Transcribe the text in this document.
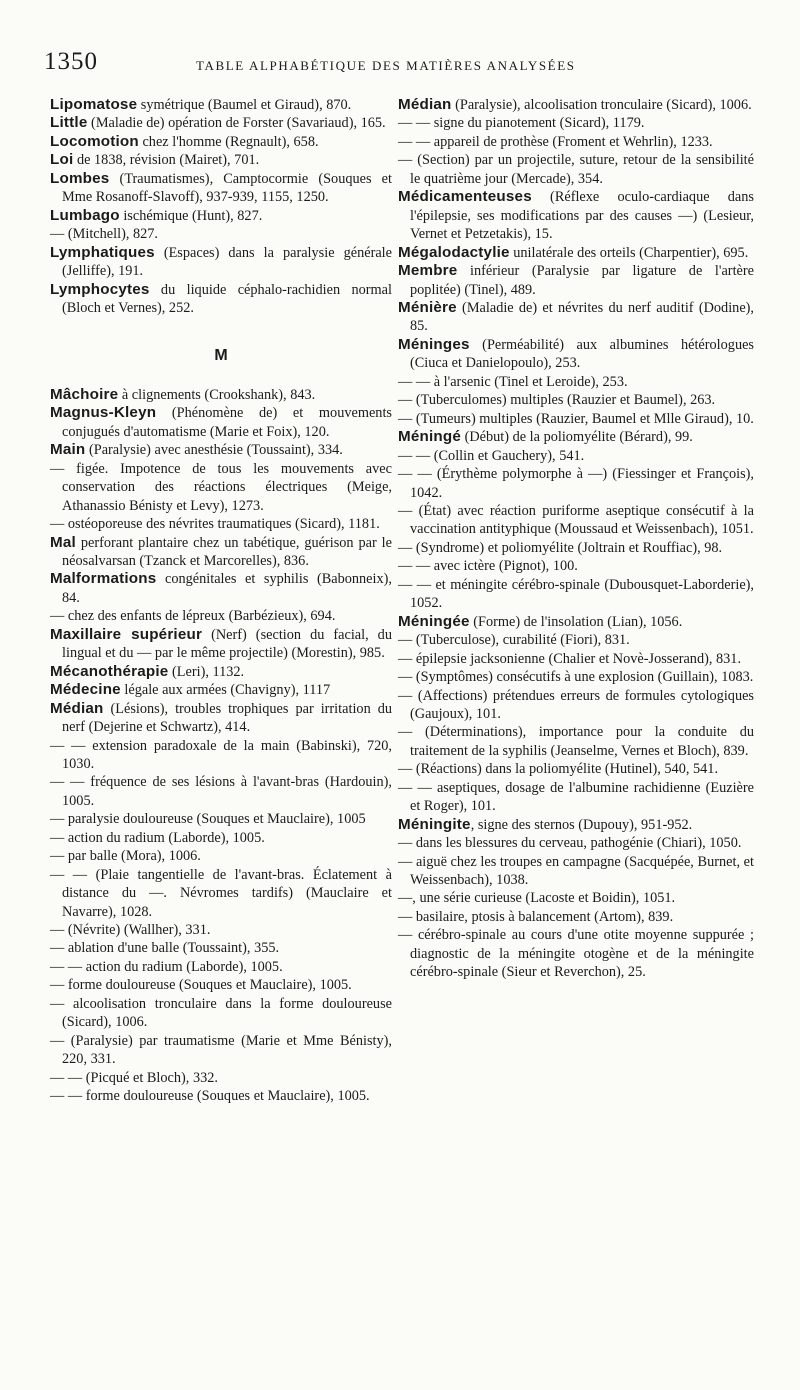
1350	TABLE ALPHABÉTIQUE DES MATIÈRES ANALYSÉES

Lipomatose symétrique (Baumel et Giraud), 870.

Little (Maladie de) opération de Forster (Savariaud), 165.

Locomotion chez l'homme (Regnault), 658.

Loi de 1838, révision (Mairet), 701.

Lombes (Traumatismes), Camptocormie (Souques et Mme Rosanoff-Slavoff), 937-939, 1155, 1250.

Lumbago ischémique (Hunt), 827.

— (Mitchell), 827.

Lymphatiques (Espaces) dans la paralysie générale (Jelliffe), 191.

Lymphocytes du liquide céphalo-rachidien normal (Bloch et Vernes), 252.

M

Mâchoire à clignements (Crookshank), 843.

Magnus-Kleyn (Phénomène de) et mouvements conjugués d'automatisme (Marie et Foix), 120.

Main (Paralysie) avec anesthésie (Toussaint), 334.

— figée. Impotence de tous les mouvements avec conservation des réactions électriques (Meige, Athanassio Bénisty et Levy), 1273.

— ostéoporeuse des névrites traumatiques (Sicard), 1181.

Mal perforant plantaire chez un tabétique, guérison par le néosalvarsan (Tzanck et Marcorelles), 836.

Malformations congénitales et syphilis (Babonneix), 84.

— chez des enfants de lépreux (Barbézieux), 694.

Maxillaire supérieur (Nerf) (section du facial, du lingual et du — par le même projectile) (Morestin), 985.

Mécanothérapie (Leri), 1132.

Médecine légale aux armées (Chavigny), 1117

Médian (Lésions), troubles trophiques par irritation du nerf (Dejerine et Schwartz), 414.

— — extension paradoxale de la main (Babinski), 720, 1030.

— — fréquence de ses lésions à l'avant-bras (Hardouin), 1005.

— paralysie douloureuse (Souques et Mauclaire), 1005

— action du radium (Laborde), 1005.

— par balle (Mora), 1006.

— — (Plaie tangentielle de l'avant-bras. Éclatement à distance du —. Névromes tardifs) (Mauclaire et Navarre), 1028.

— (Névrite) (Wallher), 331.

— ablation d'une balle (Toussaint), 355.

— — action du radium (Laborde), 1005.

— forme douloureuse (Souques et Mauclaire), 1005.

— alcoolisation tronculaire dans la forme douloureuse (Sicard), 1006.

— (Paralysie) par traumatisme (Marie et Mme Bénisty), 220, 331.

— — (Picqué et Bloch), 332.

— — forme douloureuse (Souques et Mauclaire), 1005.

Médian (Paralysie), alcoolisation tronculaire (Sicard), 1006.

— — signe du pianotement (Sicard), 1179.

— — appareil de prothèse (Froment et Wehrlin), 1233.

— (Section) par un projectile, suture, retour de la sensibilité le quatrième jour (Mercade), 354.

Médicamenteuses (Réflexe oculo-cardiaque dans l'épilepsie, ses modifications par des causes —) (Lesieur, Vernet et Petzetakis), 15.

Mégalodactylie unilatérale des orteils (Charpentier), 695.

Membre inférieur (Paralysie par ligature de l'artère poplitée) (Tinel), 489.

Ménière (Maladie de) et névrites du nerf auditif (Dodine), 85.

Méninges (Perméabilité) aux albumines hétérologues (Ciuca et Danielopoulo), 253.

— — à l'arsenic (Tinel et Leroide), 253.

— (Tuberculomes) multiples (Rauzier et Baumel), 263.

— (Tumeurs) multiples (Rauzier, Baumel et Mlle Giraud), 10.

Méningé (Début) de la poliomyélite (Bérard), 99.

— — (Collin et Gauchery), 541.

— — (Érythème polymorphe à —) (Fiessinger et François), 1042.

— (État) avec réaction puriforme aseptique consécutif à la vaccination antityphique (Moussaud et Weissenbach), 1051.

— (Syndrome) et poliomyélite (Joltrain et Rouffiac), 98.

— — avec ictère (Pignot), 100.

— — et méningite cérébro-spinale (Dubousquet-Laborderie), 1052.

Méningée (Forme) de l'insolation (Lian), 1056.

— (Tuberculose), curabilité (Fiori), 831.

— épilepsie jacksonienne (Chalier et Novè-Josserand), 831.

— (Symptômes) consécutifs à une explosion (Guillain), 1083.

— (Affections) prétendues erreurs de formules cytologiques (Gaujoux), 101.

— (Déterminations), importance pour la conduite du traitement de la syphilis (Jeanselme, Vernes et Bloch), 839.

— (Réactions) dans la poliomyélite (Hutinel), 540, 541.

— — aseptiques, dosage de l'albumine rachidienne (Euzière et Roger), 101.

Méningite, signe des sternos (Dupouy), 951-952.

— dans les blessures du cerveau, pathogénie (Chiari), 1050.

— aiguë chez les troupes en campagne (Sacquépée, Burnet, et Weissenbach), 1038.

—, une série curieuse (Lacoste et Boidin), 1051.

— basilaire, ptosis à balancement (Artom), 839.

— cérébro-spinale au cours d'une otite moyenne suppurée ; diagnostic de la méningite otogène et de la méningite cérébro-spinale (Sieur et Reverchon), 25.
